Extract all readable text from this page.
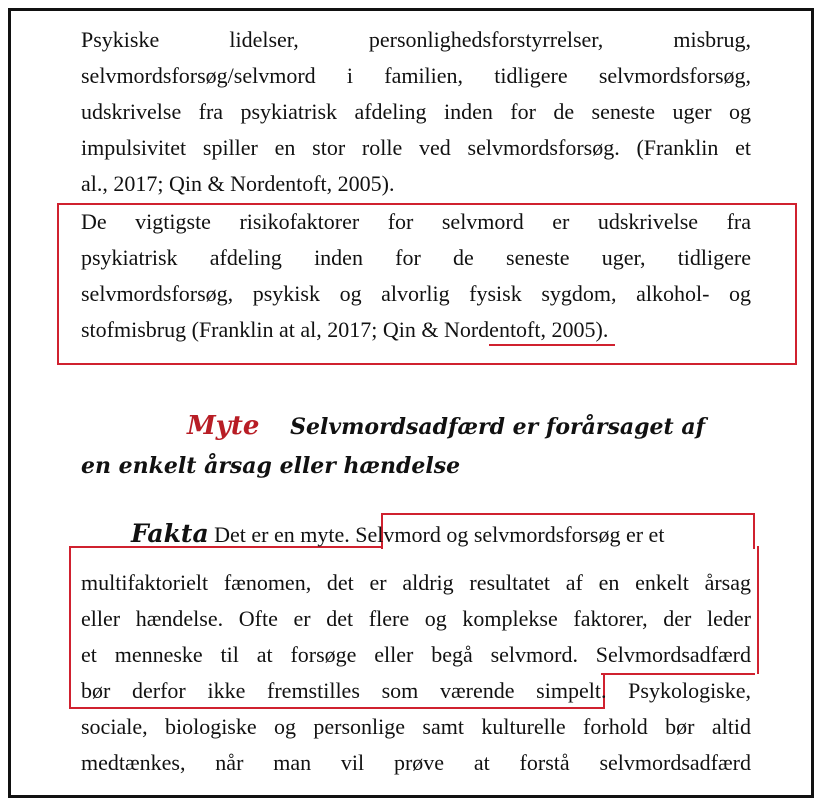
Psykiske lidelser, personlighedsforstyrrelser, misbrug,
selvmordsforsøg/selvmord i familien, tidligere selvmordsforsøg,
udskrivelse fra psykiatrisk afdeling inden for de seneste uger og
impulsivitet spiller en stor rolle ved selvmordsforsøg. (Franklin et
al., 2017; Qin & Nordentoft, 2005).
De vigtigste risikofaktorer for selvmord er udskrivelse fra
psykiatrisk afdeling inden for de seneste uger, tidligere
selvmordsforsøg, psykisk og alvorlig fysisk sygdom, alkohol- og
stofmisbrug (Franklin at al, 2017; Qin & Nordentoft, 2005).
Myte Selvmordsadfærd er forårsaget af
en enkelt årsag eller hændelse
Fakta Det er en myte. Selvmord og selvmordsforsøg er et
multifaktorielt fænomen, det er aldrig resultatet af en enkelt årsag
eller hændelse. Ofte er det flere og komplekse faktorer, der leder
et menneske til at forsøge eller begå selvmord. Selvmordsadfærd
bør derfor ikke fremstilles som værende simpelt. Psykologiske,
sociale, biologiske og personlige samt kulturelle forhold bør altid
medtænkes, når man vil prøve at forstå selvmordsadfærd
